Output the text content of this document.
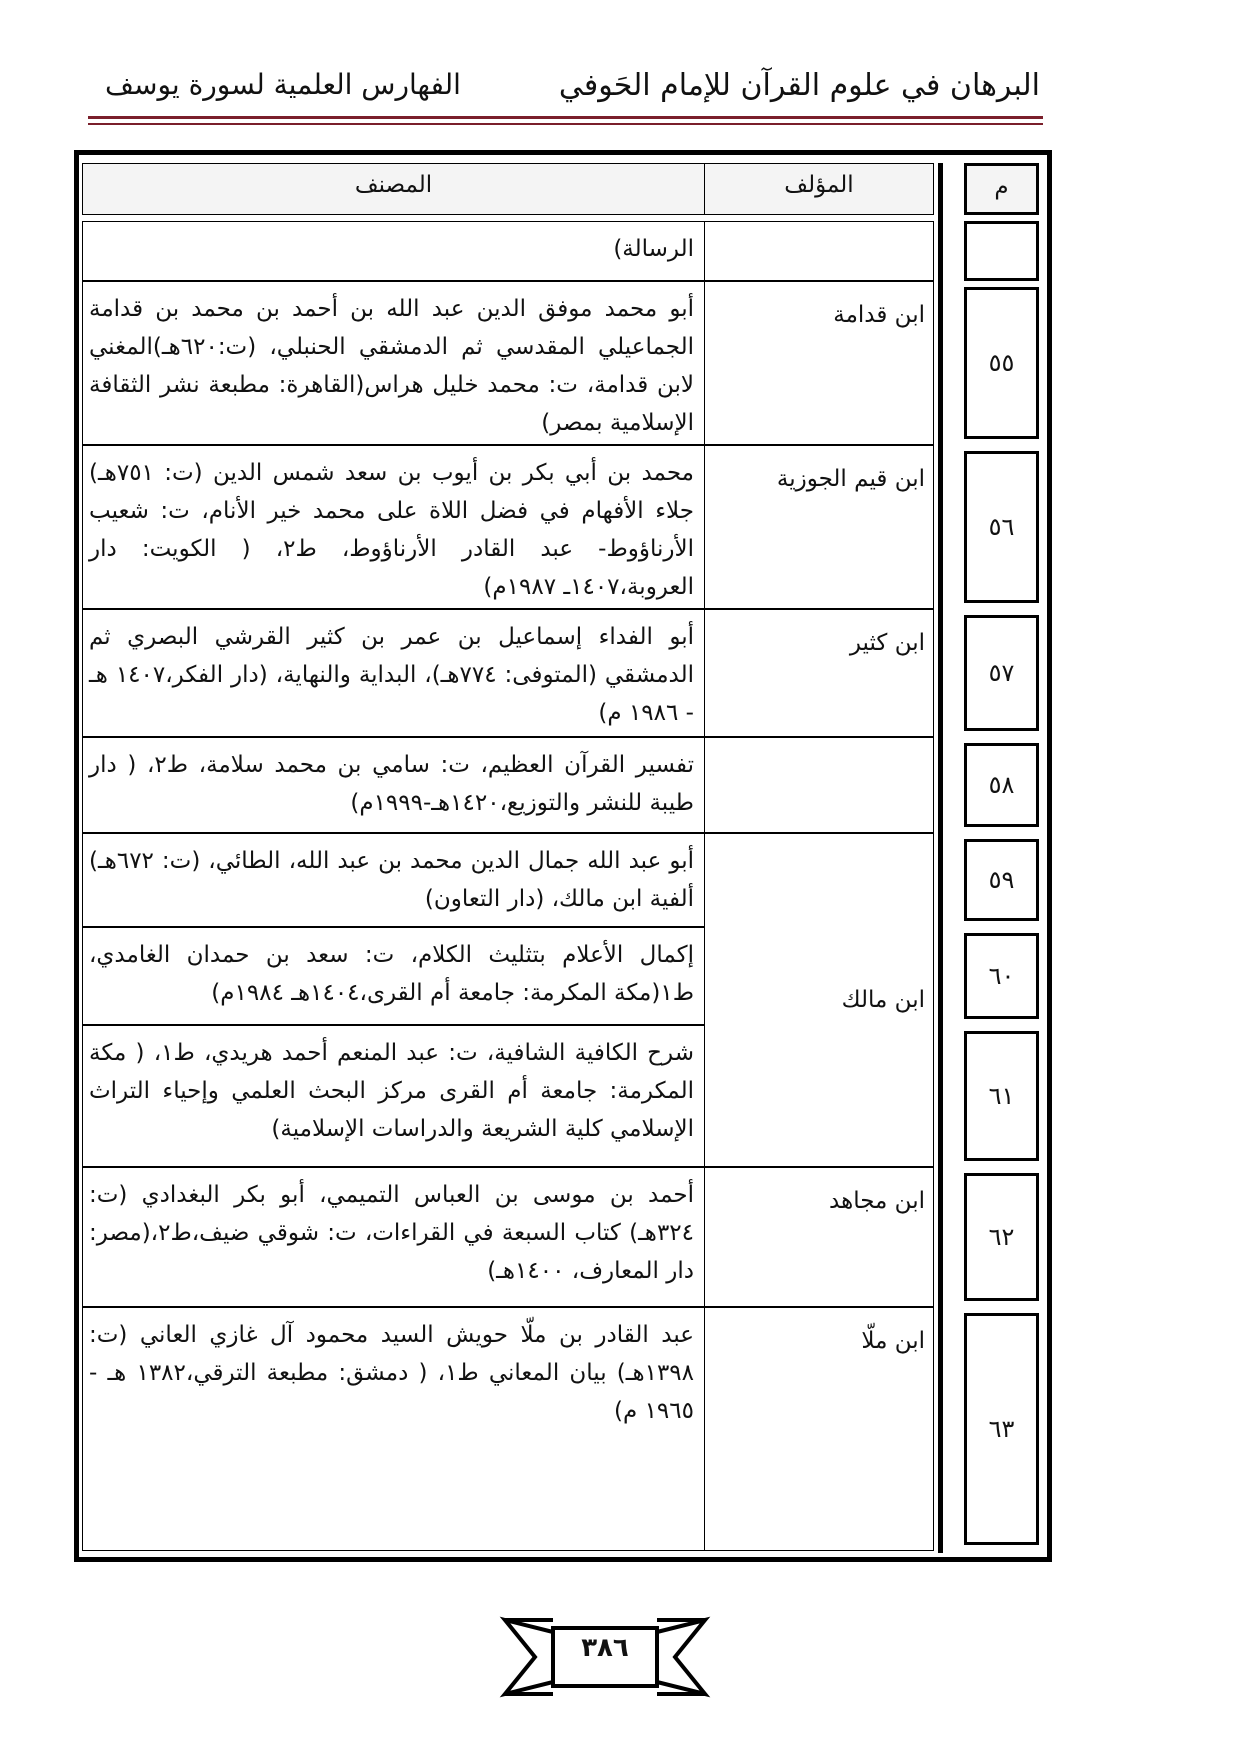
البرهان في علوم القرآن للإمام الحَوفي
الفهارس العلمية لسورة يوسف
م
المؤلف
المصنف
الرسالة)
٥٥
ابن قدامة
أبو محمد موفق الدين عبد الله بن أحمد بن محمد بن قدامة الجماعيلي المقدسي ثم الدمشقي الحنبلي، (ت:٦٢٠هـ)المغني لابن قدامة، ت: محمد خليل هراس(القاهرة: مطبعة نشر الثقافة الإسلامية بمصر)
٥٦
ابن قيم الجوزية
محمد بن أبي بكر بن أيوب بن سعد شمس الدين (ت: ٧٥١هـ) جلاء الأفهام في فضل اللاة على محمد خير الأنام، ت: شعيب الأرناؤوط- عبد القادر الأرناؤوط، ط٢، ( الكويت: دار العروبة،١٤٠٧ـ ١٩٨٧م)
٥٧
ابن كثير
أبو الفداء إسماعيل بن عمر بن كثير القرشي البصري ثم الدمشقي (المتوفى: ٧٧٤هـ)، البداية والنهاية، (دار الفكر،١٤٠٧ هـ - ١٩٨٦ م)
٥٨
تفسير القرآن العظيم، ت: سامي بن محمد سلامة، ط٢، ( دار طيبة للنشر والتوزيع،١٤٢٠هـ-١٩٩٩م)
ابن مالك
٥٩
أبو عبد الله جمال الدين محمد بن عبد الله، الطائي، (ت: ٦٧٢هـ) ألفية ابن مالك، (دار التعاون)
٦٠
إكمال الأعلام بتثليث الكلام، ت: سعد بن حمدان الغامدي، ط١(مكة المكرمة: جامعة أم القرى،١٤٠٤هـ ١٩٨٤م)
٦١
شرح الكافية الشافية، ت: عبد المنعم أحمد هريدي، ط١، ( مكة المكرمة: جامعة أم القرى مركز البحث العلمي وإحياء التراث الإسلامي كلية الشريعة والدراسات الإسلامية)
٦٢
ابن مجاهد
أحمد بن موسى بن العباس التميمي، أبو بكر البغدادي (ت: ٣٢٤هـ) كتاب السبعة في القراءات، ت: شوقي ضيف،ط٢،(مصر: دار المعارف، ١٤٠٠هـ)
٦٣
ابن ملّا
عبد القادر بن ملّا حويش السيد محمود آل غازي العاني (ت: ١٣٩٨هـ) بيان المعاني ط١، ( دمشق: مطبعة الترقي،١٣٨٢ هـ - ١٩٦٥ م)
٣٨٦
